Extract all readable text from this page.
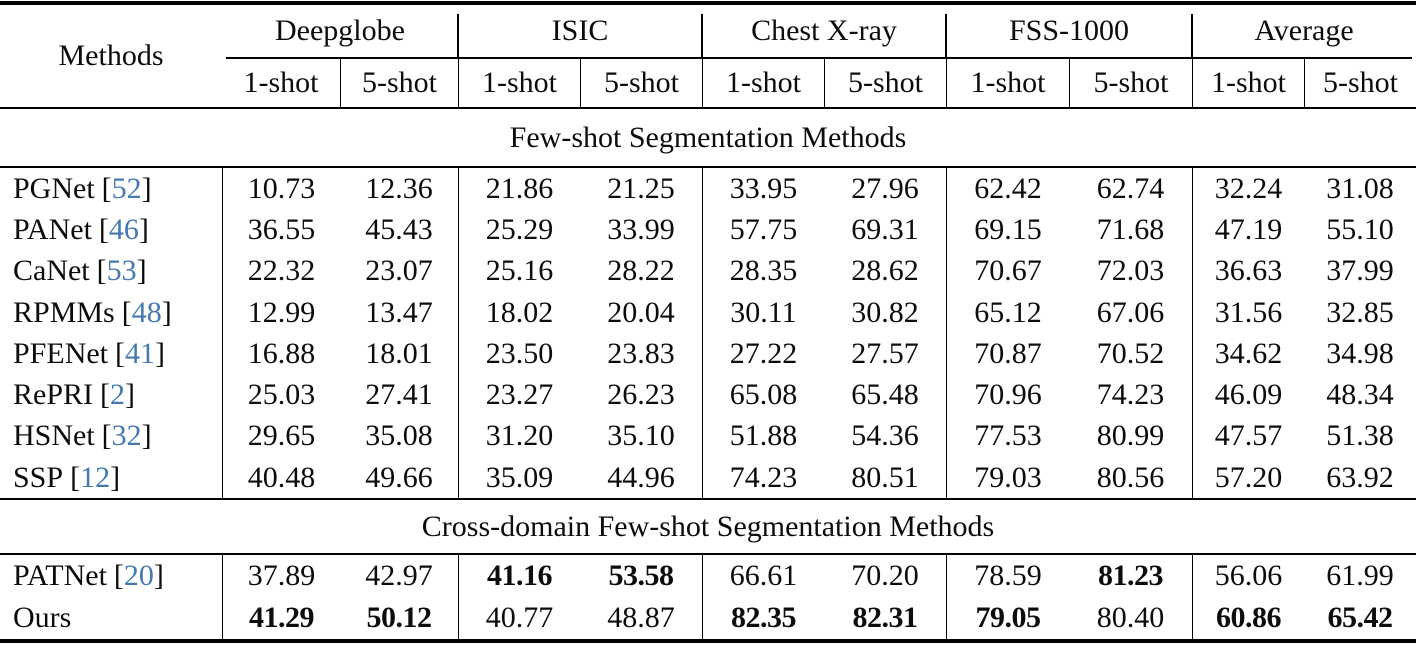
Methods
Deepglobe	ISIC	Chest X-ray	FSS-1000	Average
1-shot	5-shot	1-shot	5-shot	1-shot	5-shot	1-shot	5-shot	1-shot	5-shot
Few-shot Segmentation Methods
PGNet [ 52 ]	10.73	12.36	21.86	21.25	33.95	27.96	62.42	62.74	32.24	31.08
PANet [ 46 ]	36.55	45.43	25.29	33.99	57.75	69.31	69.15	71.68	47.19	55.10
CaNet [ 53 ]	22.32	23.07	25.16	28.22	28.35	28.62	70.67	72.03	36.63	37.99
RPMMs [ 48 ]	12.99	13.47	18.02	20.04	30.11	30.82	65.12	67.06	31.56	32.85
PFENet [ 41 ]	16.88	18.01	23.50	23.83	27.22	27.57	70.87	70.52	34.62	34.98
RePRI [ 2 ]	25.03	27.41	23.27	26.23	65.08	65.48	70.96	74.23	46.09	48.34
HSNet [ 32 ]	29.65	35.08	31.20	35.10	51.88	54.36	77.53	80.99	47.57	51.38
SSP [ 12 ]	40.48	49.66	35.09	44.96	74.23	80.51	79.03	80.56	57.20	63.92
Cross-domain Few-shot Segmentation Methods
PATNet [ 20 ]	37.89	42.97	41.16	53.58	66.61	70.20	78.59	81.23	56.06	61.99
Ours	41.29	50.12	40.77	48.87	82.35	82.31	79.05	80.40	60.86	65.42
